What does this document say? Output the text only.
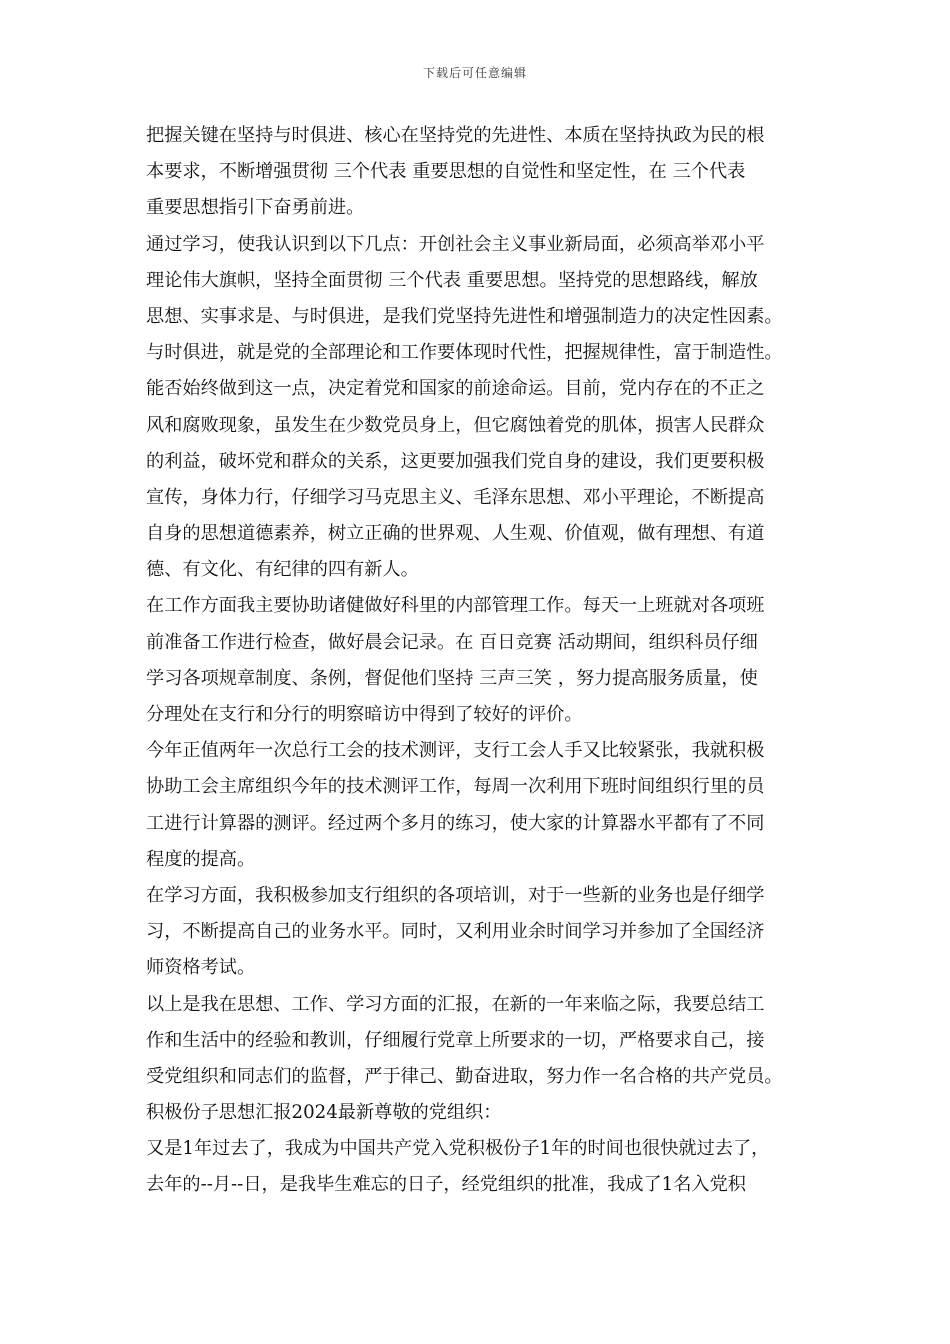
下载后可任意编辑
把握关键在坚持与时俱进、核心在坚持党的先进性、本质在坚持执政为民的根
本要求，不断增强贯彻 三个代表 重要思想的自觉性和坚定性，在 三个代表
重要思想指引下奋勇前进。
通过学习，使我认识到以下几点：开创社会主义事业新局面，必须高举邓小平
理论伟大旗帜，坚持全面贯彻 三个代表 重要思想。坚持党的思想路线，解放
思想、实事求是、与时俱进，是我们党坚持先进性和增强制造力的决定性因素。
与时俱进，就是党的全部理论和工作要体现时代性，把握规律性，富于制造性。
能否始终做到这一点，决定着党和国家的前途命运。目前，党内存在的不正之
风和腐败现象，虽发生在少数党员身上，但它腐蚀着党的肌体，损害人民群众
的利益，破坏党和群众的关系，这更要加强我们党自身的建设，我们更要积极
宣传，身体力行，仔细学习马克思主义、毛泽东思想、邓小平理论，不断提高
自身的思想道德素养，树立正确的世界观、人生观、价值观，做有理想、有道
德、有文化、有纪律的四有新人。
在工作方面我主要协助诸健做好科里的内部管理工作。每天一上班就对各项班
前准备工作进行检查，做好晨会记录。在 百日竞赛 活动期间，组织科员仔细
学习各项规章制度、条例，督促他们坚持 三声三笑 ，努力提高服务质量，使
分理处在支行和分行的明察暗访中得到了较好的评价。
今年正值两年一次总行工会的技术测评，支行工会人手又比较紧张，我就积极
协助工会主席组织今年的技术测评工作，每周一次利用下班时间组织行里的员
工进行计算器的测评。经过两个多月的练习，使大家的计算器水平都有了不同
程度的提高。
在学习方面，我积极参加支行组织的各项培训，对于一些新的业务也是仔细学
习，不断提高自己的业务水平。同时，又利用业余时间学习并参加了全国经济
师资格考试。
以上是我在思想、工作、学习方面的汇报，在新的一年来临之际，我要总结工
作和生活中的经验和教训，仔细履行党章上所要求的一切，严格要求自己，接
受党组织和同志们的监督，严于律己、勤奋进取，努力作一名合格的共产党员。
积极份子思想汇报2024最新尊敬的党组织：
又是1年过去了，我成为中国共产党入党积极份子1年的时间也很快就过去了，
去年的--月--日，是我毕生难忘的日子，经党组织的批准，我成了1名入党积
